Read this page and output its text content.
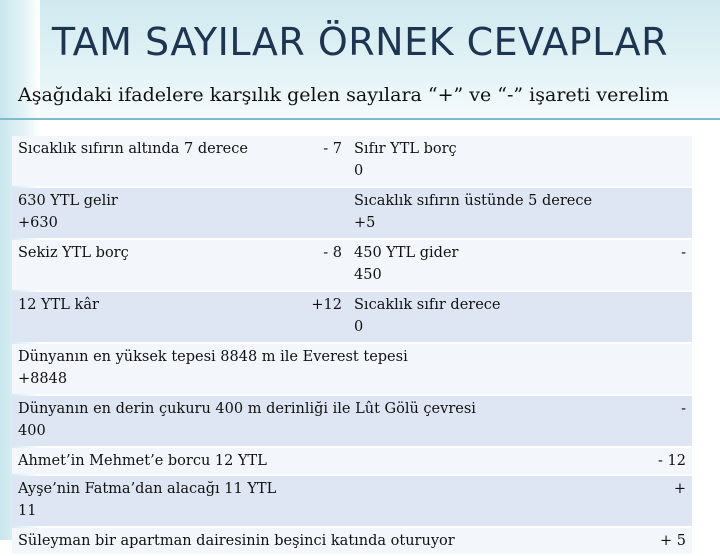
TAM SAYILAR ÖRNEK CEVAPLAR
Aşağıdaki ifadelere karşılık gelen sayılara “+” ve “-” işareti verelim
Sıcaklık sıfırın altında 7 derece	- 7	Sıfır YTL borç
0	

630 YTL gelir
+630		Sıcaklık sıfırın üstünde 5 derece
+5	

Sekiz YTL borç	- 8	450 YTL gider
450	-

12 YTL kâr	+12	Sıcaklık sıfır derece
0	

Dünyanın en yüksek tepesi 8848 m ile Everest tepesi
+8848			

Dünyanın en derin çukuru 400 m derinliği ile Lût Gölü çevresi
400			-

Ahmet’in Mehmet’e borcu 12 YTL			- 12

Ayşe’nin Fatma’dan alacağı 11 YTL
11			+

Süleyman bir apartman dairesinin beşinci katında oturuyor			+ 5
